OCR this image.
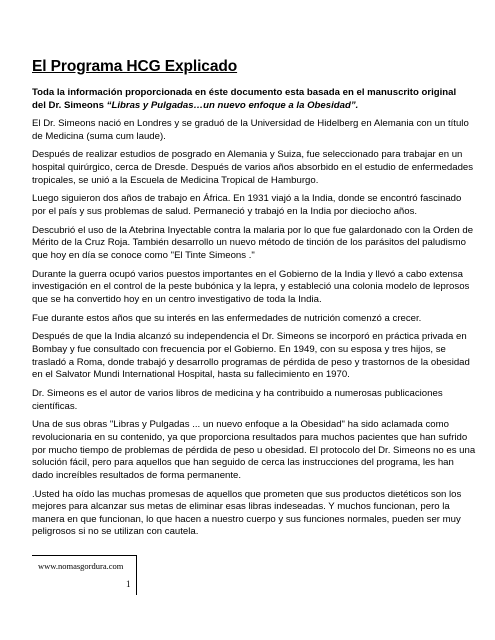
El Programa HCG Explicado

Toda la información proporcionada en éste documento esta basada en el manuscrito original del Dr. Simeons “Libras y Pulgadas…un nuevo enfoque a la Obesidad”.

El Dr. Simeons nació en Londres y se graduó de la Universidad de Hidelberg en Alemania con un título de Medicina (suma cum laude).

Después de realizar estudios de posgrado en Alemania y Suiza, fue seleccionado para trabajar en un hospital quirúrgico, cerca de Dresde. Después de varios años absorbido en el estudio de enfermedades tropicales, se unió a la Escuela de Medicina Tropical de Hamburgo.

Luego siguieron dos años de trabajo en África. En 1931 viajó a la India, donde se encontró fascinado por el país y sus problemas de salud. Permaneció y trabajó en la India por dieciocho años.

Descubrió el uso de la Atebrina Inyectable contra la malaria por lo que fue galardonado con la Orden de Mérito de la Cruz Roja. También desarrollo un nuevo método de tinción de los parásitos del paludismo que hoy en día se conoce como "El Tinte Simeons ."

Durante la guerra ocupó varios puestos importantes en el Gobierno de la India y llevó a cabo extensa investigación en el control de la peste bubónica y la lepra, y estableció una colonia modelo de leprosos que se ha convertido hoy en un centro investigativo de toda la India.

Fue durante estos años que su interés en las enfermedades de nutrición comenzó a crecer.

Después de que la India alcanzó su independencia el Dr. Simeons se incorporó en práctica privada en Bombay y fue consultado con frecuencia por el Gobierno. En 1949, con su esposa y tres hijos, se trasladó a Roma, donde trabajó y desarrollo programas de pérdida de peso y trastornos de la obesidad en el Salvator Mundi International Hospital, hasta su fallecimiento en 1970.

Dr. Simeons es el autor de varios libros de medicina y ha contribuido a numerosas publicaciones científicas.

Una de sus obras "Libras y Pulgadas ... un nuevo enfoque a la Obesidad" ha sido aclamada como revolucionaria en su contenido, ya que proporciona resultados para muchos pacientes que han sufrido por mucho tiempo de problemas de pérdida de peso u obesidad. El protocolo del Dr. Simeons no es una solución fácil, pero para aquellos que han seguido de cerca las instrucciones del programa, les han dado increíbles resultados de forma permanente.

.Usted ha oído las muchas promesas de aquellos que prometen que sus productos dietéticos son los mejores para alcanzar sus metas de eliminar esas libras indeseadas. Y muchos funcionan, pero la manera en que funcionan, lo que hacen a nuestro cuerpo y sus funciones normales, pueden ser muy peligrosos si no se utilizan con cautela.

www.nomasgordura.com
1
